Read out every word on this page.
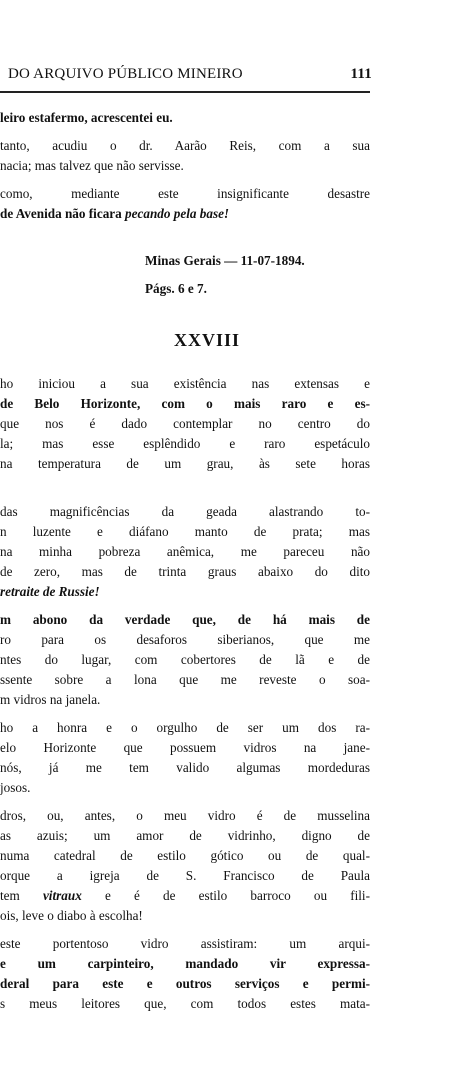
DO ARQUIVO PÚBLICO MINEIRO	111
leiro estafermo, acrescentei eu.
tanto, acudiu o dr. Aarão Reis, com a sua
nacia; mas talvez que não servisse.
como, mediante este insignificante desastre
de Avenida não ficara pecando pela base!
Minas Gerais — 11-07-1894.
Págs. 6 e 7.
XXVIII
ho iniciou a sua existência nas extensas e
de Belo Horizonte, com o mais raro e es-
que nos é dado contemplar no centro do
la; mas esse esplêndido e raro espetáculo
na temperatura de um grau, às sete horas
das magnificências da geada alastrando to-
n luzente e diáfano manto de prata; mas
na minha pobreza anêmica, me pareceu não
de zero, mas de trinta graus abaixo do dito
retraite de Russie!
m abono da verdade que, de há mais de
ro para os desaforos siberianos, que me
ntes do lugar, com cobertores de lã e de
ssente sobre a lona que me reveste o soa-
m vidros na janela.
ho a honra e o orgulho de ser um dos ra-
elo Horizonte que possuem vidros na jane-
nós, já me tem valido algumas mordeduras
josos.
dros, ou, antes, o meu vidro é de musselina
as azuis; um amor de vidrinho, digno de
numa catedral de estilo gótico ou de qual-
orque a igreja de S. Francisco de Paula
tem vitraux e é de estilo barroco ou fili-
ois, leve o diabo à escolha!
este portentoso vidro assistiram: um arqui-
e um carpinteiro, mandado vir expressa-
deral para este e outros serviços e permi-
s meus leitores que, com todos estes mata-
